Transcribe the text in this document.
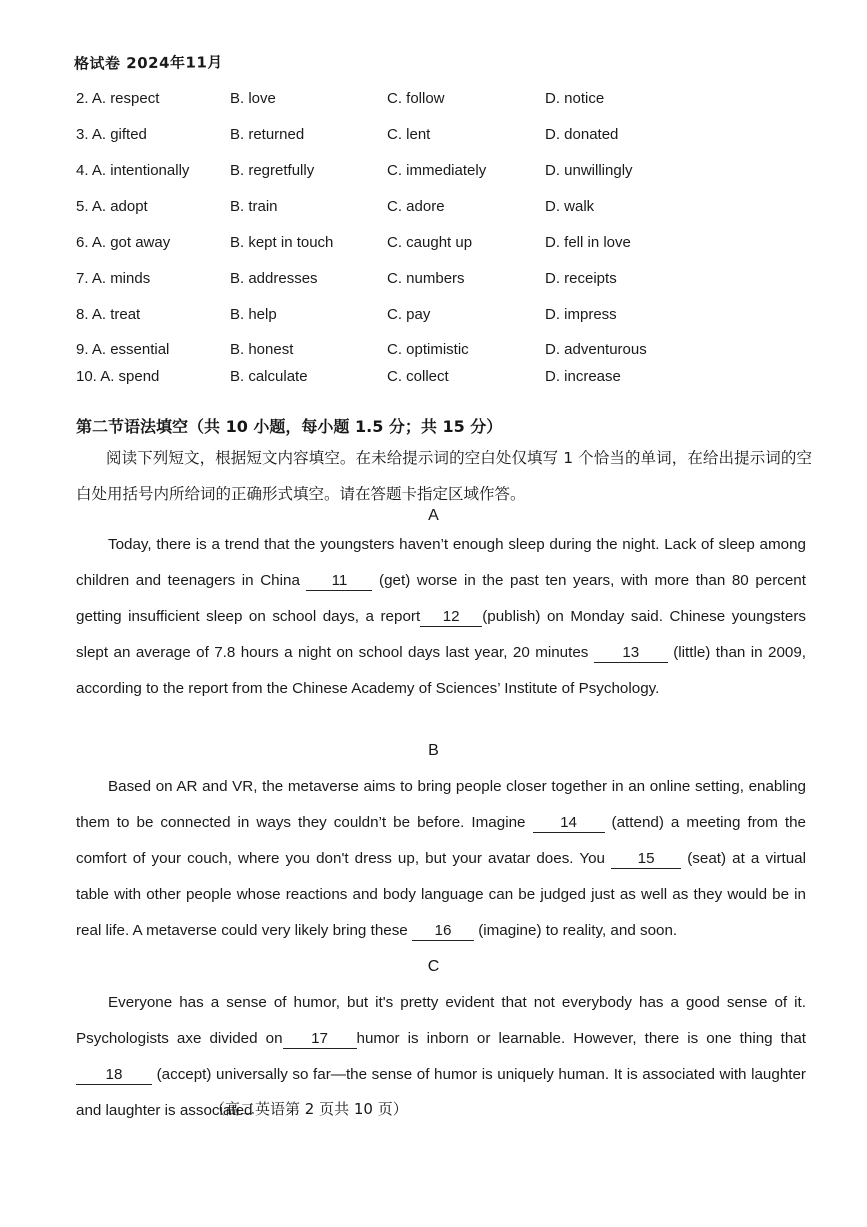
格试卷 2024年11月
2. A. respect	B. love	C. follow	D. notice
3. A. gifted	B. returned	C. lent	D. donated
4. A. intentionally	B. regretfully	C. immediately	D. unwillingly
5. A. adopt	B. train	C. adore	D. walk
6. A. got away	B. kept in touch	C. caught up	D. fell in love
7. A. minds	B. addresses	C. numbers	D. receipts
8. A. treat	B. help	C. pay	D. impress
9. A. essential	B. honest	C. optimistic	D. adventurous
10. A. spend	B. calculate	C. collect	D. increase
第二节语法填空（共 10 小题，每小题 1.5 分；共 15 分）
阅读下列短文，根据短文内容填空。在未给提示词的空白处仅填写 1 个恰当的单词，在给出提示词的空白处用括号内所给词的正确形式填空。请在答题卡指定区域作答。
A
Today, there is a trend that the youngsters haven’t enough sleep during the night. Lack of sleep among children and teenagers in China 11 (get) worse in the past ten years, with more than 80 percent getting insufficient sleep on school days, a report 12 (publish) on Monday said. Chinese youngsters slept an average of 7.8 hours a night on school days last year, 20 minutes 13 (little) than in 2009, according to the report from the Chinese Academy of Sciences’ Institute of Psychology.
B
Based on AR and VR, the metaverse aims to bring people closer together in an online setting, enabling them to be connected in ways they couldn’t be before. Imagine 14 (attend) a meeting from the comfort of your couch, where you don't dress up, but your avatar does. You 15 (seat) at a virtual table with other people whose reactions and body language can be judged just as well as they would be in real life. A metaverse could very likely bring these 16 (imagine) to reality, and soon.
C
Everyone has a sense of humor, but it's pretty evident that not everybody has a good sense of it. Psychologists axe divided on 17 humor is inborn or learnable. However, there is one thing that 18 (accept) universally so far—the sense of humor is uniquely human. It is associated with laughter and laughter is associated
（高二英语第 2 页共 10 页）
